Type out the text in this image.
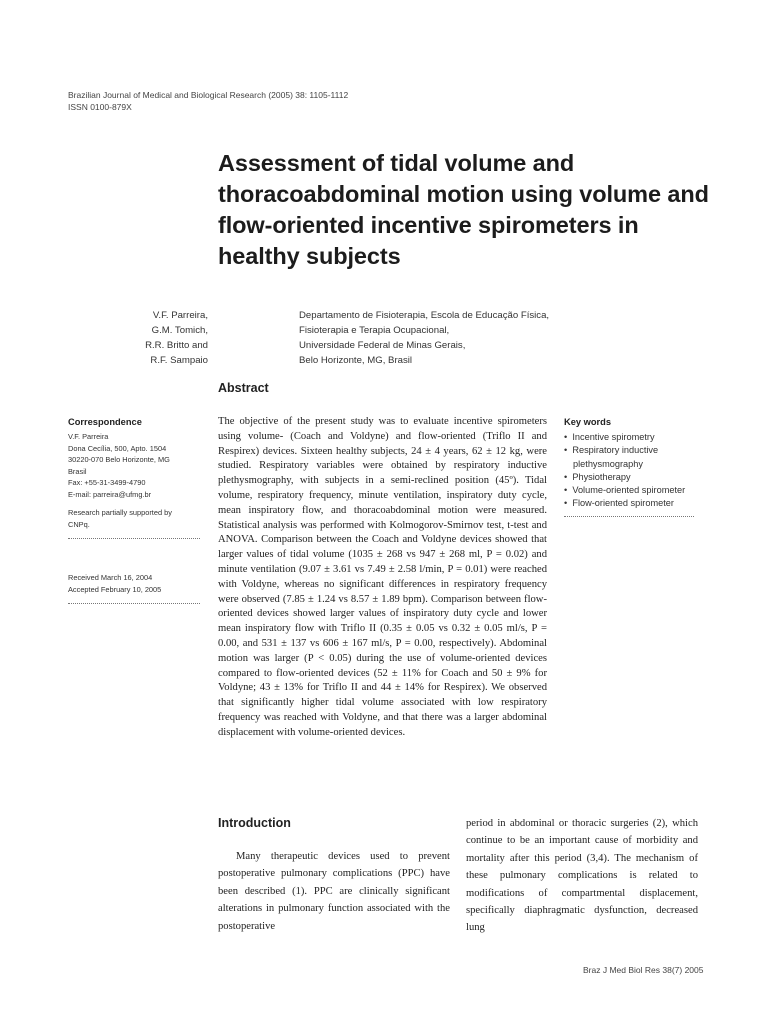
Brazilian Journal of Medical and Biological Research (2005) 38: 1105-1112
ISSN 0100-879X
Assessment of tidal volume and thoracoabdominal motion using volume and flow-oriented incentive spirometers in healthy subjects
V.F. Parreira,
G.M. Tomich,
R.R. Britto and
R.F. Sampaio
Departamento de Fisioterapia, Escola de Educação Física,
Fisioterapia e Terapia Ocupacional,
Universidade Federal de Minas Gerais,
Belo Horizonte, MG, Brasil
Abstract
Correspondence
V.F. Parreira
Dona Cecília, 500, Apto. 1504
30220-070 Belo Horizonte, MG
Brasil
Fax: +55-31-3499-4790
E-mail: parreira@ufmg.br
Research partially supported by
CNPq.
Received March 16, 2004
Accepted February 10, 2005
The objective of the present study was to evaluate incentive spirometers using volume- (Coach and Voldyne) and flow-oriented (Triflo II and Respirex) devices. Sixteen healthy subjects, 24 ± 4 years, 62 ± 12 kg, were studied. Respiratory variables were obtained by respiratory inductive plethysmography, with subjects in a semi-reclined position (45º). Tidal volume, respiratory frequency, minute ventilation, inspiratory duty cycle, mean inspiratory flow, and thoracoabdominal motion were measured. Statistical analysis was performed with Kolmogorov-Smirnov test, t-test and ANOVA. Comparison between the Coach and Voldyne devices showed that larger values of tidal volume (1035 ± 268 vs 947 ± 268 ml, P = 0.02) and minute ventilation (9.07 ± 3.61 vs 7.49 ± 2.58 l/min, P = 0.01) were reached with Voldyne, whereas no significant differences in respiratory frequency were observed (7.85 ± 1.24 vs 8.57 ± 1.89 bpm). Comparison between flow-oriented devices showed larger values of inspiratory duty cycle and lower mean inspiratory flow with Triflo II (0.35 ± 0.05 vs 0.32 ± 0.05 ml/s, P = 0.00, and 531 ± 137 vs 606 ± 167 ml/s, P = 0.00, respectively). Abdominal motion was larger (P < 0.05) during the use of volume-oriented devices compared to flow-oriented devices (52 ± 11% for Coach and 50 ± 9% for Voldyne; 43 ± 13% for Triflo II and 44 ± 14% for Respirex). We observed that significantly higher tidal volume associated with low respiratory frequency was reached with Voldyne, and that there was a larger abdominal displacement with volume-oriented devices.
Key words
•  Incentive spirometry
•  Respiratory inductive plethysmography
•  Physiotherapy
•  Volume-oriented spirometer
•  Flow-oriented spirometer
Introduction
Many therapeutic devices used to prevent postoperative pulmonary complications (PPC) have been described (1). PPC are clinically significant alterations in pulmonary function associated with the postoperative
period in abdominal or thoracic surgeries (2), which continue to be an important cause of morbidity and mortality after this period (3,4). The mechanism of these pulmonary complications is related to modifications of compartmental displacement, specifically diaphragmatic dysfunction, decreased lung
Braz J Med Biol Res 38(7) 2005
